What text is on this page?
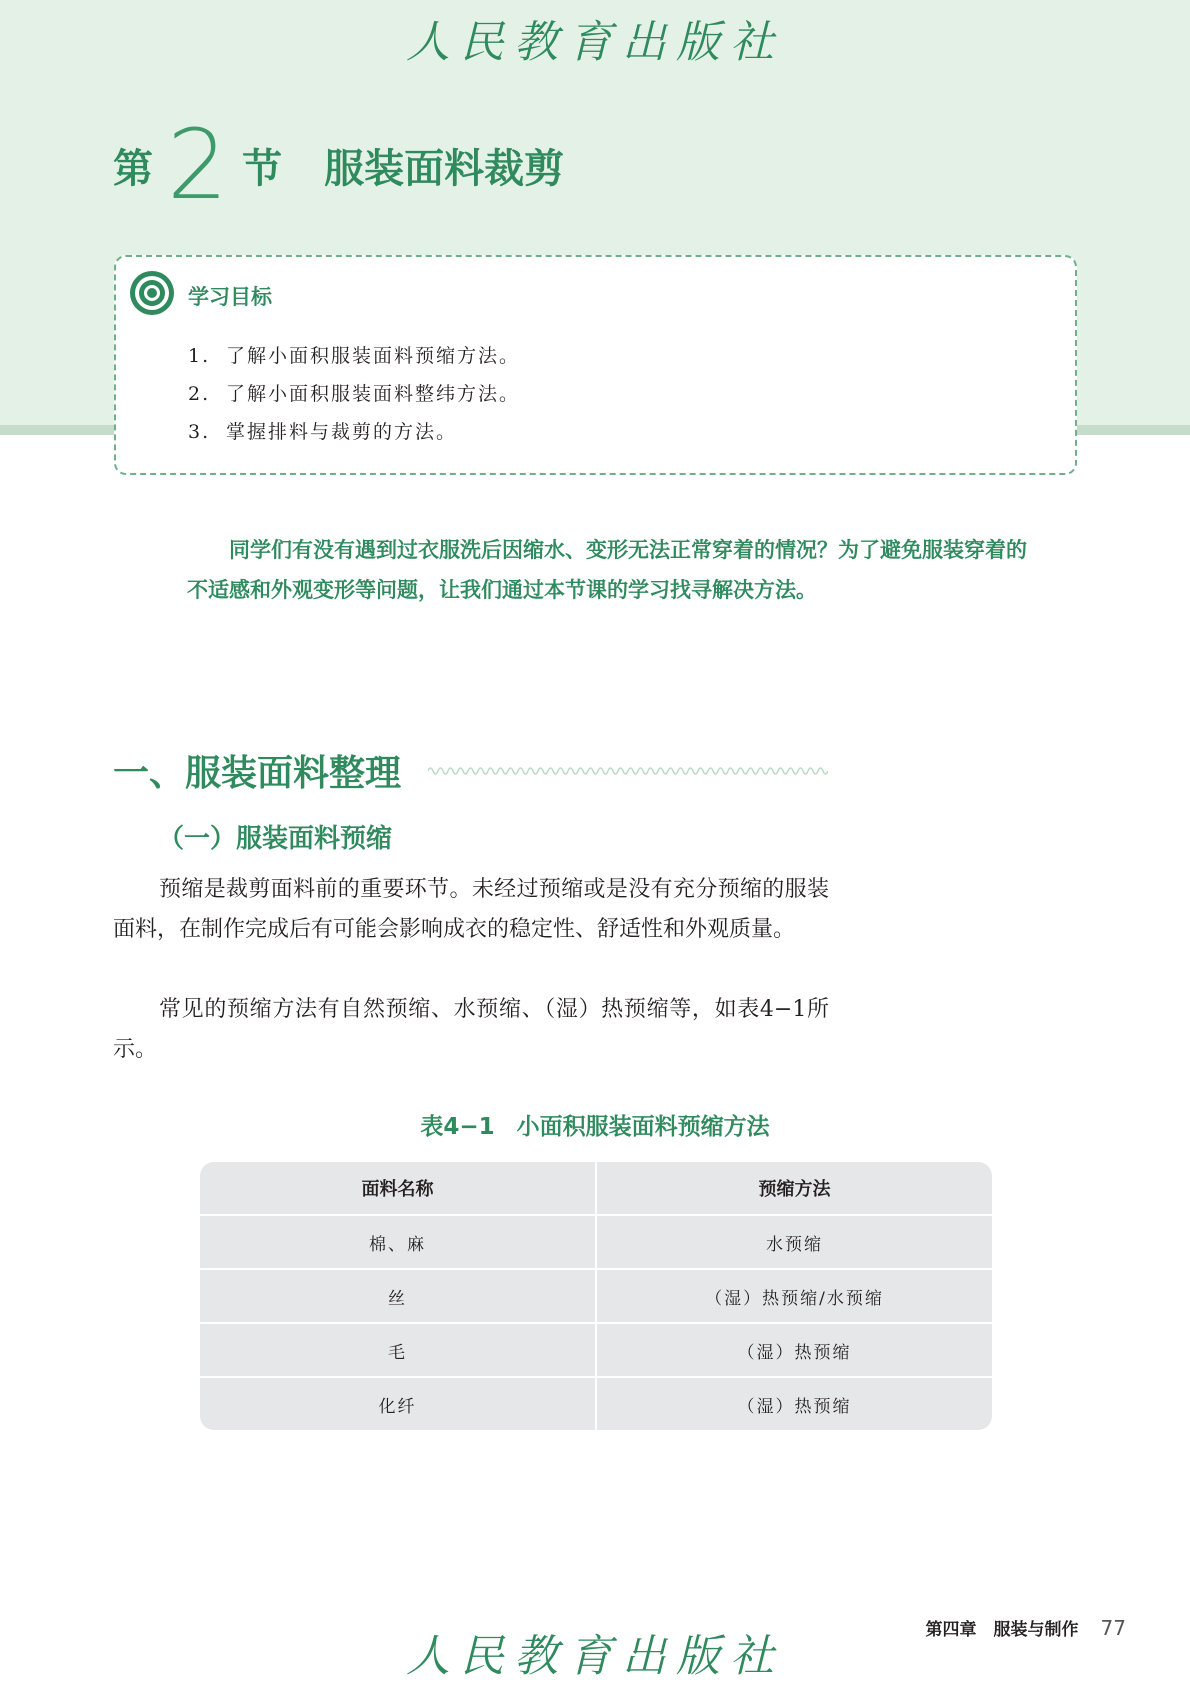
人民教育出版社
第 2 节 服装面料裁剪
学习目标
1. 了解小面积服装面料预缩方法。
2. 了解小面积服装面料整纬方法。
3. 掌握排料与裁剪的方法。

同学们有没有遇到过衣服洗后因缩水、变形无法正常穿着的情况？为了避免服装穿着的不适感和外观变形等问题，让我们通过本节课的学习找寻解决方法。

一、服装面料整理
（一）服装面料预缩

预缩是裁剪面料前的重要环节。未经过预缩或是没有充分预缩的服装面料，在制作完成后有可能会影响成衣的稳定性、舒适性和外观质量。

常见的预缩方法有自然预缩、水预缩、（湿）热预缩等，如表4−1所示。

表4−1 小面积服装面料预缩方法

面料名称	预缩方法
棉、麻	水预缩
丝	（湿）热预缩/水预缩
毛	（湿）热预缩
化纤	（湿）热预缩
第四章　服装与制作 77
人民教育出版社
